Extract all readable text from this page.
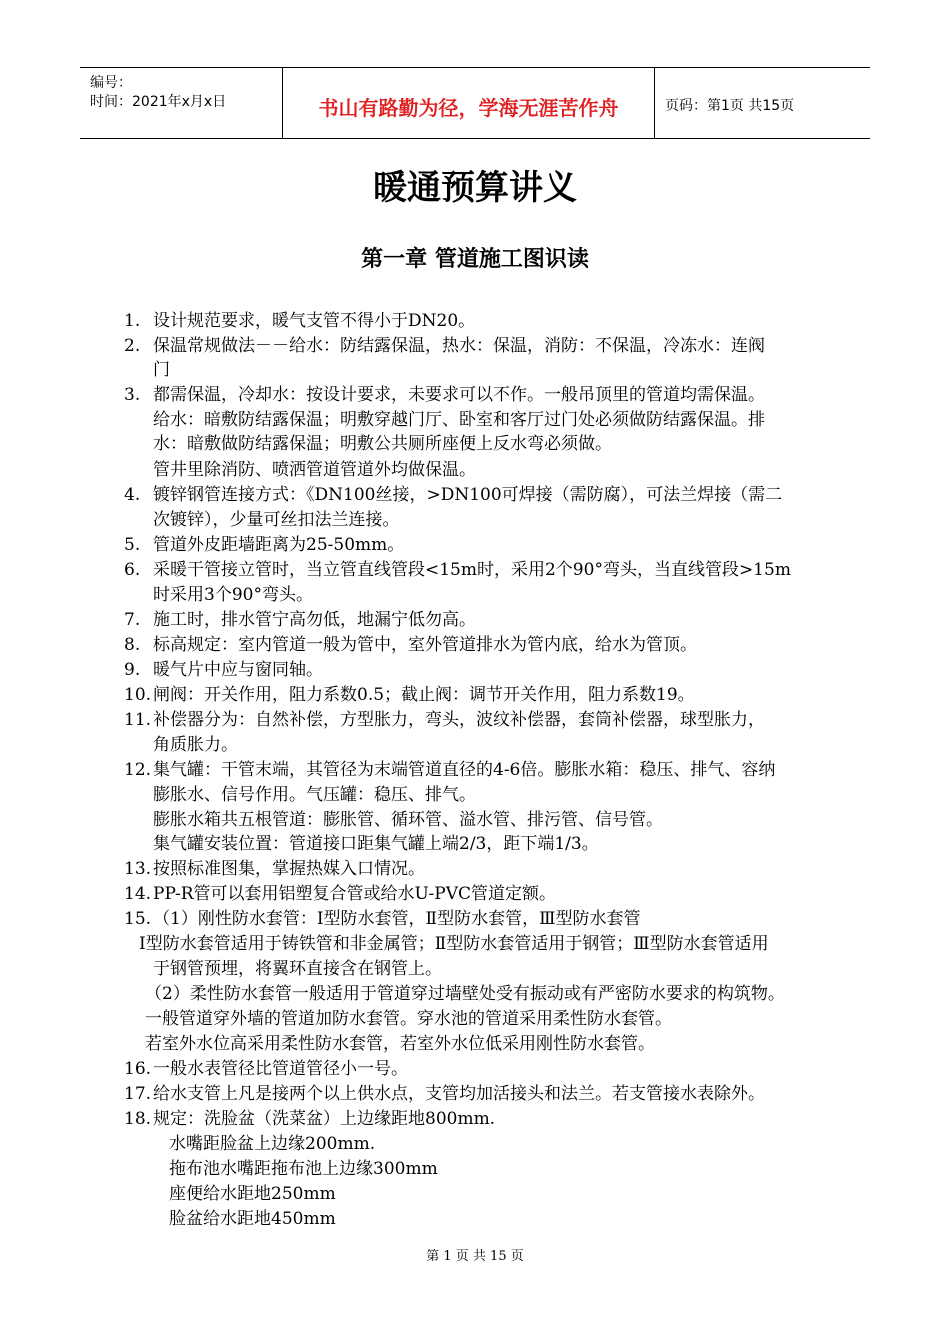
编号：
时间：2021年x月x日	书山有路勤为径，学海无涯苦作舟	页码：第1页 共15页
暖通预算讲义
第一章 管道施工图识读
1. 设计规范要求，暖气支管不得小于DN20。
2. 保温常规做法－－给水：防结露保温，热水：保温，消防：不保温，冷冻水：连阀
门
3. 都需保温，冷却水：按设计要求，未要求可以不作。一般吊顶里的管道均需保温。
给水：暗敷防结露保温；明敷穿越门厅、卧室和客厅过门处必须做防结露保温。排
水：暗敷做防结露保温；明敷公共厕所座便上反水弯必须做。
管井里除消防、喷洒管道管道外均做保温。
4. 镀锌钢管连接方式：《DN100丝接，>DN100可焊接（需防腐），可法兰焊接（需二
次镀锌），少量可丝扣法兰连接。
5. 管道外皮距墙距离为25-50mm。
6. 采暖干管接立管时，当立管直线管段<15m时，采用2个90°弯头，当直线管段>15m
时采用3个90°弯头。
7. 施工时，排水管宁高勿低，地漏宁低勿高。
8. 标高规定：室内管道一般为管中，室外管道排水为管内底，给水为管顶。
9. 暖气片中应与窗同轴。
10. 闸阀：开关作用，阻力系数0.5；截止阀：调节开关作用，阻力系数19。
11. 补偿器分为：自然补偿，方型胀力，弯头，波纹补偿器，套筒补偿器，球型胀力，
角质胀力。
12. 集气罐：干管末端，其管径为末端管道直径的4-6倍。膨胀水箱：稳压、排气、容纳
膨胀水、信号作用。气压罐：稳压、排气。
膨胀水箱共五根管道：膨胀管、循环管、溢水管、排污管、信号管。
集气罐安装位置：管道接口距集气罐上端2/3，距下端1/3。
13. 按照标准图集，掌握热媒入口情况。
14. PP-R管可以套用铝塑复合管或给水U-PVC管道定额。
15. （1）刚性防水套管：Ⅰ型防水套管，Ⅱ型防水套管，Ⅲ型防水套管
Ⅰ型防水套管适用于铸铁管和非金属管；Ⅱ型防水套管适用于钢管；Ⅲ型防水套管适用
于钢管预埋，将翼环直接含在钢管上。
（2）柔性防水套管一般适用于管道穿过墙壁处受有振动或有严密防水要求的构筑物。
一般管道穿外墙的管道加防水套管。穿水池的管道采用柔性防水套管。
若室外水位高采用柔性防水套管，若室外水位低采用刚性防水套管。
16. 一般水表管径比管道管径小一号。
17. 给水支管上凡是接两个以上供水点，支管均加活接头和法兰。若支管接水表除外。
18. 规定：洗脸盆（洗菜盆）上边缘距地800mm.
水嘴距脸盆上边缘200mm.
拖布池水嘴距拖布池上边缘300mm
座便给水距地250mm
脸盆给水距地450mm
第 1 页 共 15 页
